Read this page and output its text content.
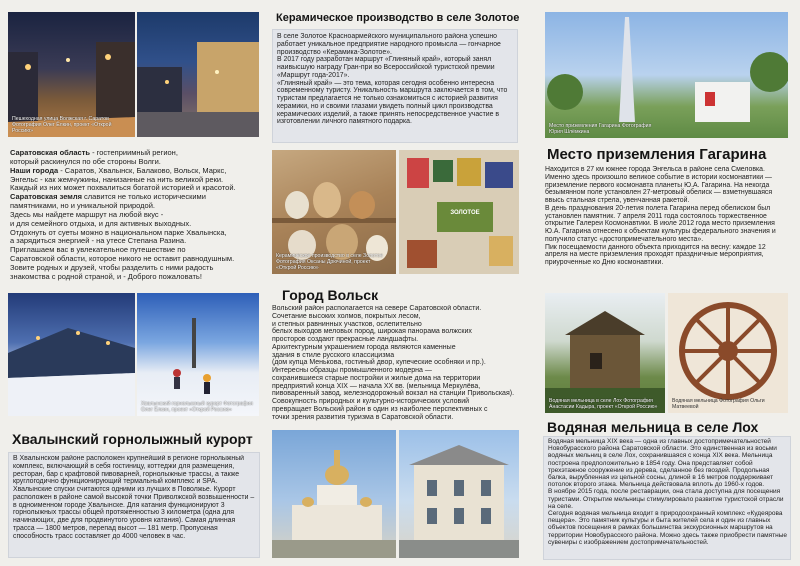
Пешеходная улица Волжская г. Саратов Фотография Олег Ёлкин, проект «Открой Россию»

Саратовская область - гостеприимный регион,

который раскинулся по обе стороны Волги.

Наши города - Саратов, Хвалынск, Балаково, Вольск, Маркс,

Энгельс - как жемчужины, нанизанные на нить великой реки.

Каждый из них может похвалиться богатой историей и красотой.

Саратовская земля славится не только историческими

памятниками, но и уникальной природой.

Здесь мы найдете маршрут на любой вкус -

и для семейного отдыха, и для активных выходных.

Отдохнуть от суеты можно в национальном парке Хвалынска,

а зарядиться энергией - на утесе Степана Разина.

Приглашаем вас в увлекательное путешествие по

Саратовской области, которое никого не оставит равнодушным.

Зовите родных и друзей, чтобы разделить с ними радость

знакомства с родной страной, и - Доброго пожаловать!

Хвалынский горнолыжный курорт Фотография Олег Ёлкин, проект «Открой Россию»
Хвалынский горнолыжный курорт
В Хвалынском районе расположен крупнейший в регионе горнолыжный комплекс, включающий в себя гостиницу, коттеджи для размещения, ресторан, бар с крафтовой пивоварней, горнолыжные трассы, а также круглогодично функционирующий термальный комплекс и SPA. Хвалынские спуски считаются одними из лучших в Поволжье. Курорт расположен в районе самой высокой точки Приволжской возвышенности – в одноименном городе Хвалынске. Для катания функционируют 3 горнолыжных трассы общей протяженностью 3 километра (одна для начинающих, две для продвинутого уровня катания). Самая длинная трасса — 1800 метров, перепад высот — 181 метр. Пропускная способность трасс составляет до 4000 человек в час.
Керамическое производство в селе Золотое

В селе Золотое Красноармейского муниципального района успешно работает уникальное предприятие народного промысла — гончарное производство «Керамика-Золотое».

В 2017 году разработан маршрут «Глиняный край», который занял наивысшую награду Гран-при во Всероссийской туристской премии «Маршрут года-2017».

«Глиняный край» — это тема, которая сегодня особенно интересна современному туристу. Уникальность маршрута заключается в том, что туристам предлагается не только ознакомиться с историей развития керамики, но и своими глазами увидеть полный цикл производства керамических изделий, а также принять непосредственное участие в изготовлении личного памятного подарка.

Керамическое производство в селе Золотое Фотография Оксаны Дрючиной, проект «Открой Россию»
ЗОЛОТОЕ
Город Вольск

Вольский район располагается на севере Саратовской области.

Сочетание высоких холмов, покрытых лесом,

и степных равнинных участков, ослепительно

белых выходов меловых пород, широкая панорама волжских

просторов создают прекрасные ландшафты.

Архитектурным украшением города являются каменные

здания в стиле русского классицизма

(дом купца Менькова, гостиный двор, купеческие особняки и пр.).

Интересны образцы промышленного модерна —

сохранившиеся старые постройки и жилые дома на территории

предприятий конца XIX — начала XX вв. (мельница Меркулёва,

пивоваренный завод, железнодорожный вокзал на станции Привольская).

Совокупность природных и культурно-исторических условий

превращает Вольский район в один из наиболее перспективных с

точки зрения развития туризма в Саратовской области.

Место приземления Гагарина Фотография Юрия Шлёмкина
Место приземления Гагарина
Находится в 27 км южнее города Энгельса в районе села Смеловка. Именно здесь произошло великое событие в истории космонавтики — приземление первого космонавта планеты Ю.А. Гагарина. На некогда безымянном поле установлен 27-метровый обелиск — взметнувшаяся ввысь стальная стрела, увенчанная ракетой.
В день празднования 20-летия полета Гагарина перед обелиском был установлен памятник. 7 апреля 2011 года состоялось торжественное открытие Галереи Космонавтики. В июле 2012 года место приземления Ю.А. Гагарина отнесено к объектам культуры федерального значения и получило статус «достопримечательного места».
Пик посещаемости данного объекта приходится на весну: каждое 12 апреля на месте приземления проходят праздничные мероприятия, приуроченные ко Дню космонавтики.
Водяная мельница в селе Лох Фотография Анастасии Кадыра, проект «Открой Россию»
Водяная мельница Фотография Ольги Матвеевой
Водяная мельница в селе Лох
Водяная мельница XIX века — одна из главных достопримечательностей Новобурасского района Саратовской области. Это единственная из восьми водяных мельниц в селе Лох, сохранившаяся с конца XIX века. Мельница построена предположительно в 1854 году. Она представляет собой трехэтажное сооружение из дерева, сделанное без гвоздей. Продольная балка, вырубленная из цельной сосны, длиной в 16 метров поддерживает потолок второго этажа. Мельница действовала вплоть до 1960-х годов.
В ноябре 2015 года, после реставрации, она стала доступна для посещения туристами. Открытие мельницы стимулировало развитие туристской отрасли на селе.
Сегодня водяная мельница входит в природоохранный комплекс «Кудеярова пещера». Это памятник культуры и быта жителей села и один из главных объектов посещения в рамках большинства экскурсионных маршрутов на территории Новобурасского района. Можно здесь также приобрести памятные сувениры с изображением достопримечательностей.
